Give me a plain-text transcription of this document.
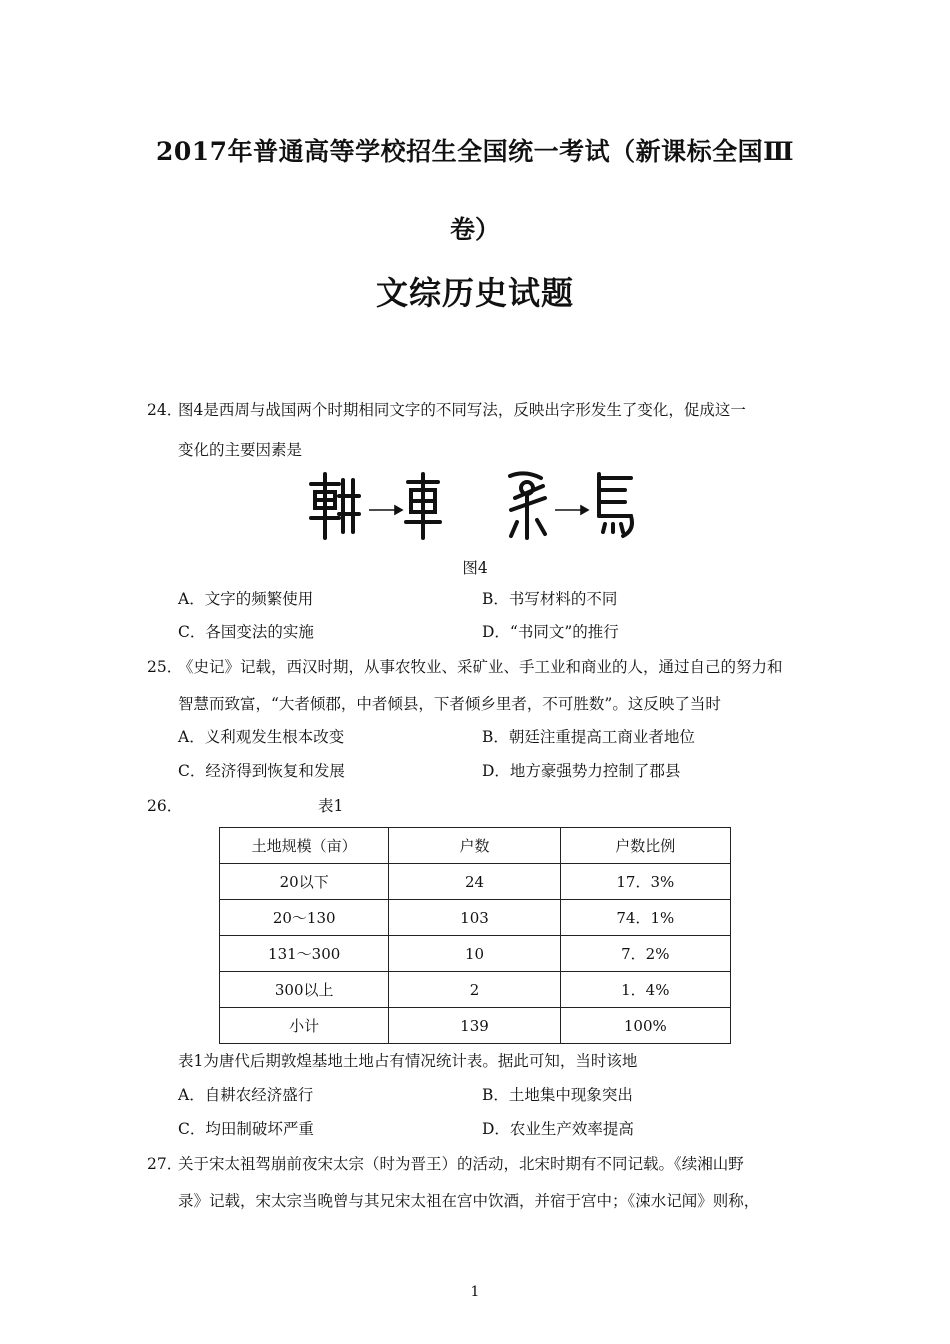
2017年普通高等学校招生全国统一考试（新课标全国Ⅲ
卷）
文综历史试题
24．
图4是西周与战国两个时期相同文字的不同写法，反映出字形发生了变化，促成这一
变化的主要因素是
图4
A．文字的频繁使用	B．书写材料的不同
C．各国变法的实施	D．“书同文”的推行
25．
《史记》记载，西汉时期，从事农牧业、采矿业、手工业和商业的人，通过自己的努力和
智慧而致富，“大者倾郡，中者倾县，下者倾乡里者，不可胜数”。这反映了当时
A．义利观发生根本改变	B．朝廷注重提高工商业者地位
C．经济得到恢复和发展	D．地方豪强势力控制了郡县
26．	表1
土地规模（亩）	户数	户数比例
20以下	24	17．3%
20～130	103	74．1%
131～300	10	7．2%
300以上	2	1．4%
小计	139	100%
表1为唐代后期敦煌基地土地占有情况统计表。据此可知，当时该地
A．自耕农经济盛行	B．土地集中现象突出
C．均田制破坏严重	D．农业生产效率提高
27．
关于宋太祖驾崩前夜宋太宗（时为晋王）的活动，北宋时期有不同记载。《续湘山野
录》记载，宋太宗当晚曾与其兄宋太祖在宫中饮酒，并宿于宫中；《涑水记闻》则称，
1
